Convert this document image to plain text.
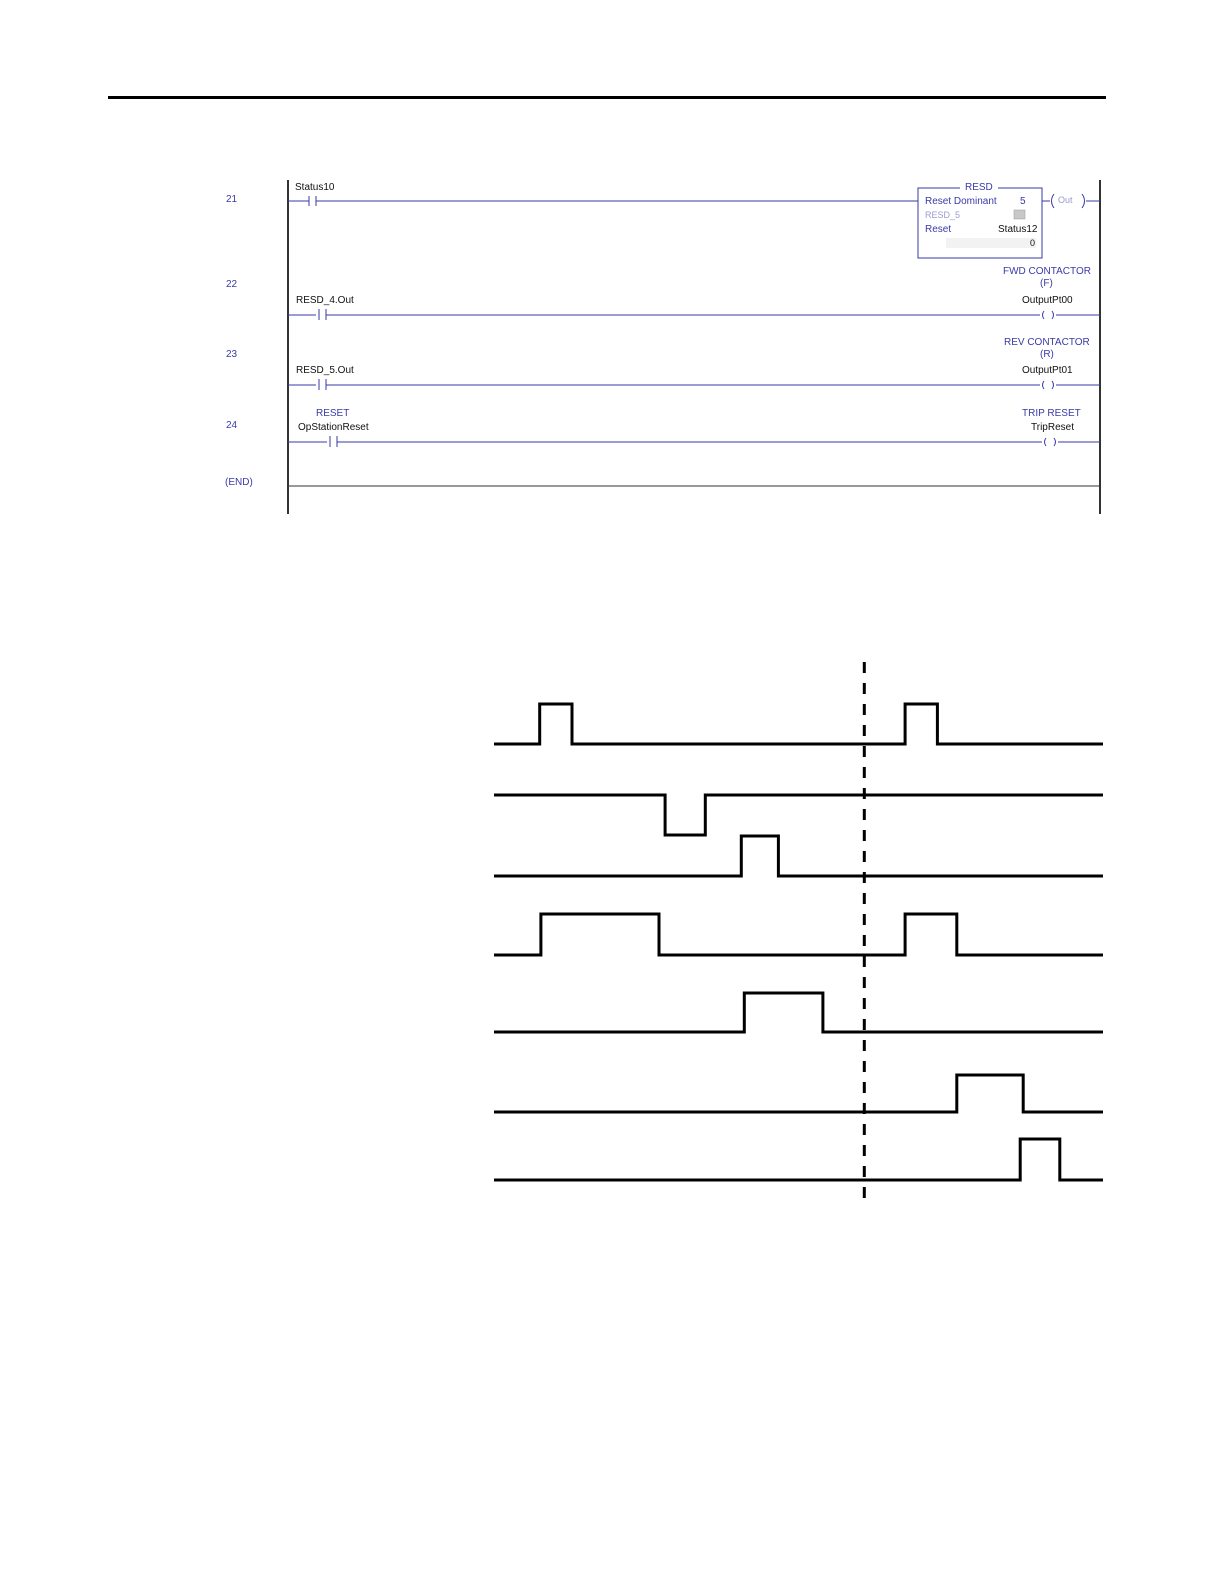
21
22
23
24
(END)
Status10	RESD
Reset Dominant 5
RESD_5
Reset	Status12
0
Out
FWD CONTACTOR
(F)
RESD_4.Out	OutputPt00
REV CONTACTOR
(R)
RESD_5.Out	OutputPt01
RESET	TRIP RESET
OpStationReset	TripReset
